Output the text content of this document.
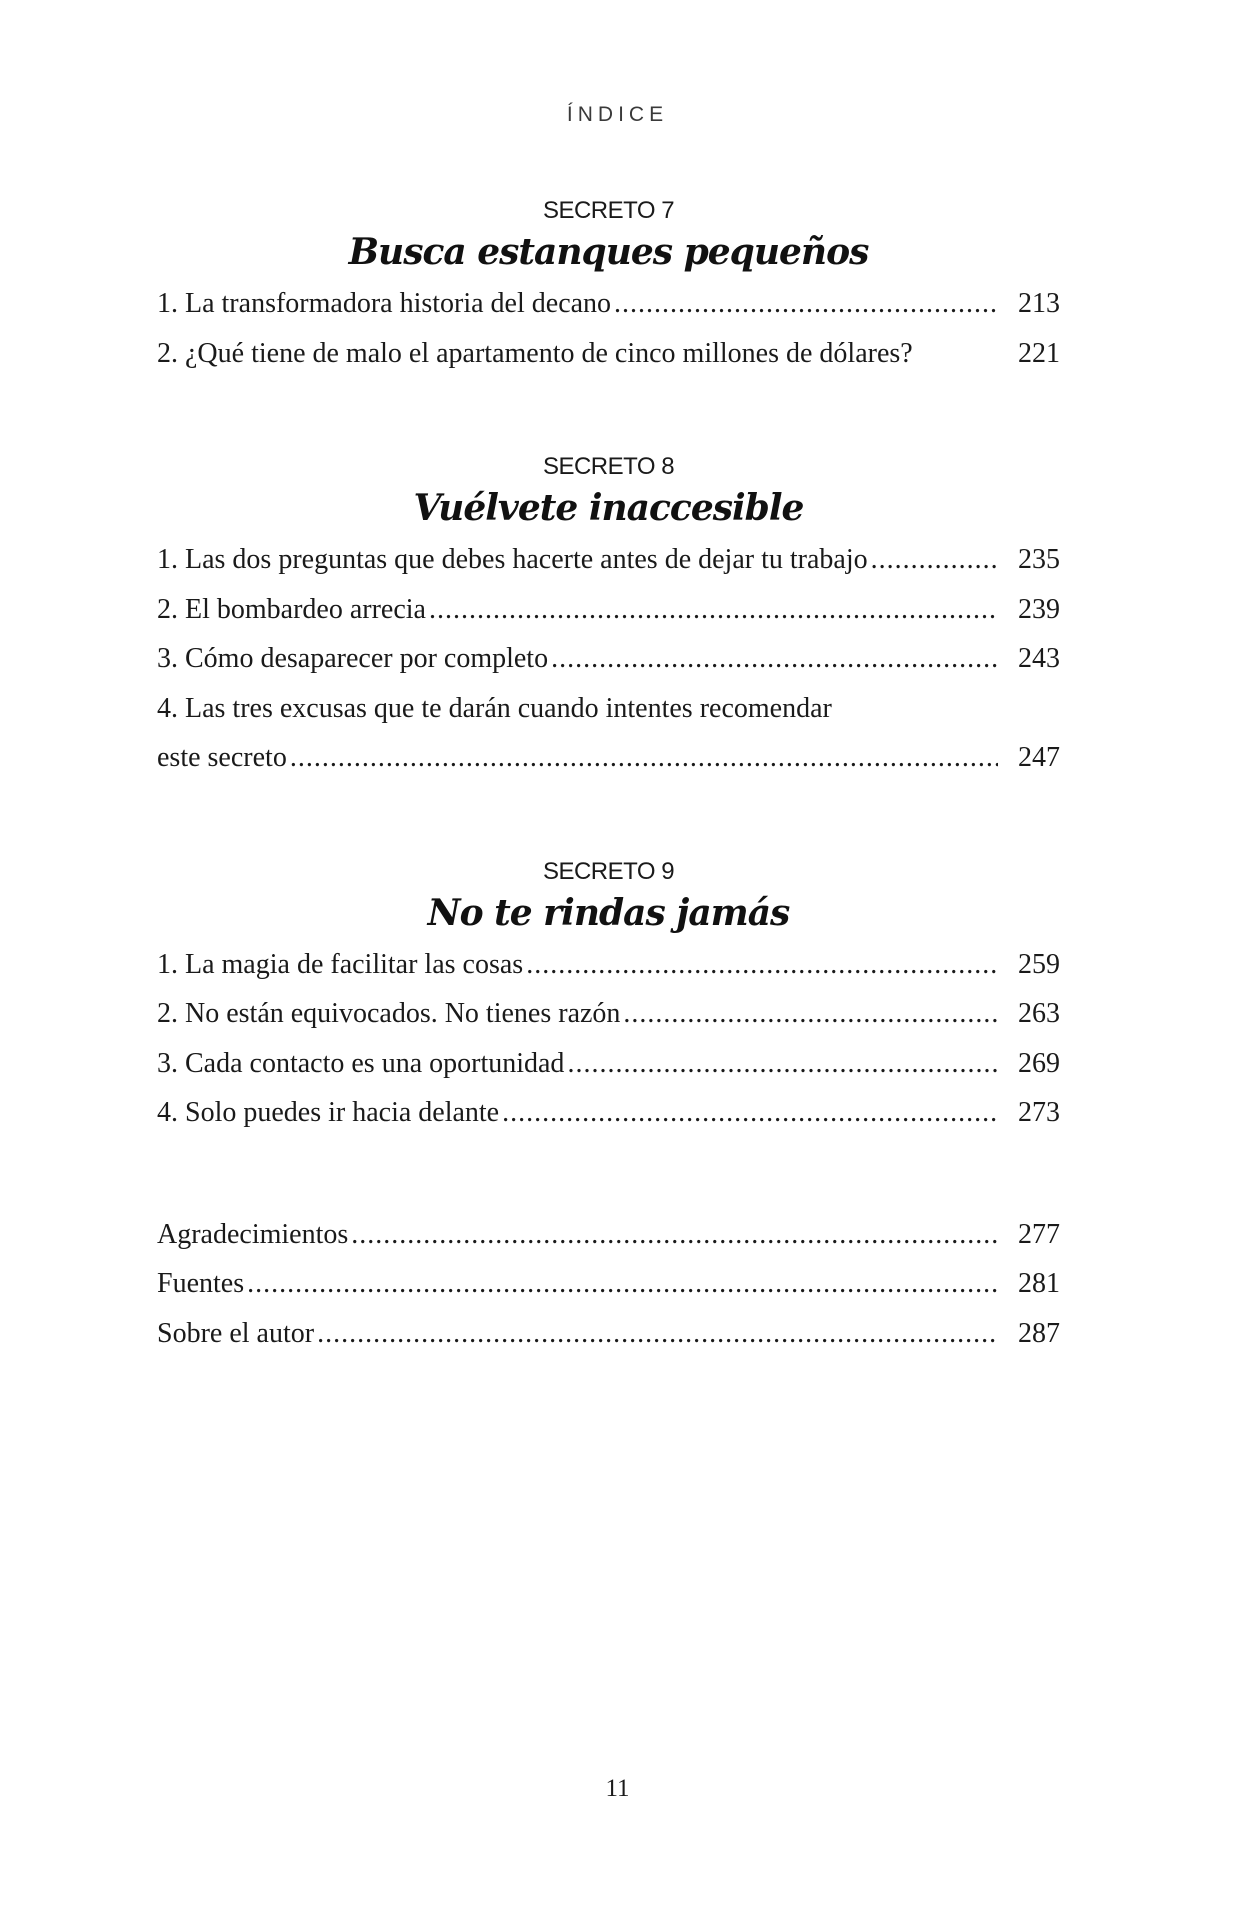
ÍNDICE
SECRETO 7
Busca estanques pequeños
1. La transformadora historia del decano .....	213
2. ¿Qué tiene de malo el apartamento de cinco millones de dólares?	221
SECRETO 8
Vuélvete inaccesible
1. Las dos preguntas que debes hacerte antes de dejar tu trabajo .....	235
2. El bombardeo arrecia .....	239
3. Cómo desaparecer por completo .....	243
4. Las tres excusas que te darán cuando intentes recomendar
este secreto .....	247
SECRETO 9
No te rindas jamás
1. La magia de facilitar las cosas .....	259
2. No están equivocados. No tienes razón .....	263
3. Cada contacto es una oportunidad .....	269
4. Solo puedes ir hacia delante .....	273
Agradecimientos .....	277
Fuentes .....	281
Sobre el autor .....	287
11
